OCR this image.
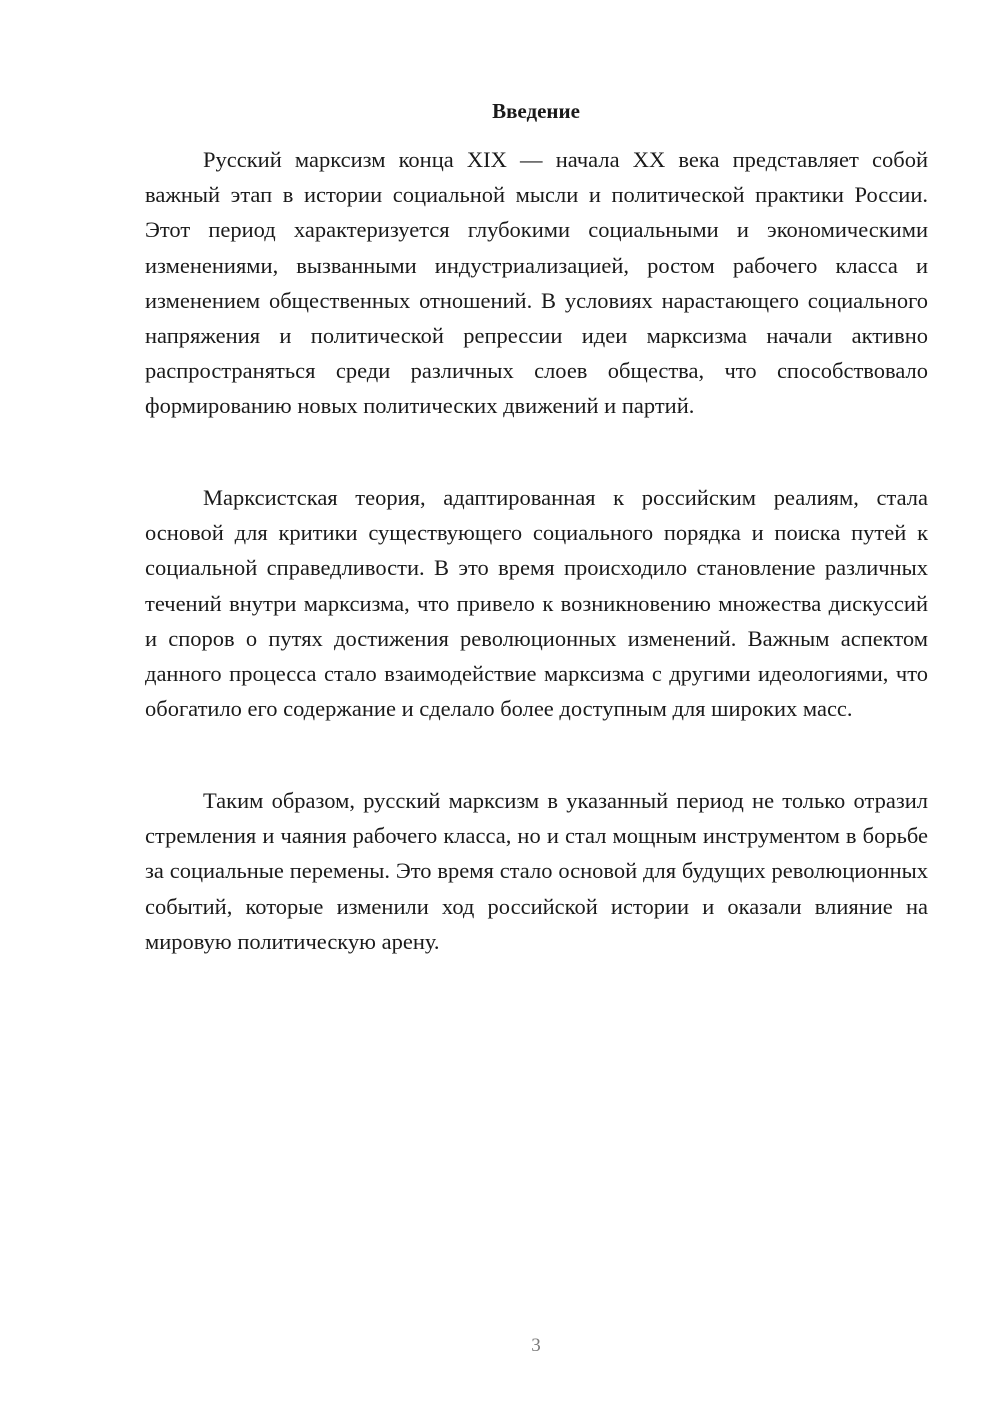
Введение

Русский марксизм конца XIX — начала XX века представляет собой важный этап в истории социальной мысли и политической практики России. Этот период характеризуется глубокими социальными и экономическими изменениями, вызванными индустриализацией, ростом рабочего класса и изменением общественных отношений. В условиях нарастающего социального напряжения и политической репрессии идеи марксизма начали активно распространяться среди различных слоев общества, что способствовало формированию новых политических движений и партий.

Марксистская теория, адаптированная к российским реалиям, стала основой для критики существующего социального порядка и поиска путей к социальной справедливости. В это время происходило становление различных течений внутри марксизма, что привело к возникновению множества дискуссий и споров о путях достижения революционных изменений. Важным аспектом данного процесса стало взаимодействие марксизма с другими идеологиями, что обогатило его содержание и сделало более доступным для широких масс.

Таким образом, русский марксизм в указанный период не только отразил стремления и чаяния рабочего класса, но и стал мощным инструментом в борьбе за социальные перемены. Это время стало основой для будущих революционных событий, которые изменили ход российской истории и оказали влияние на мировую политическую арену.

3
